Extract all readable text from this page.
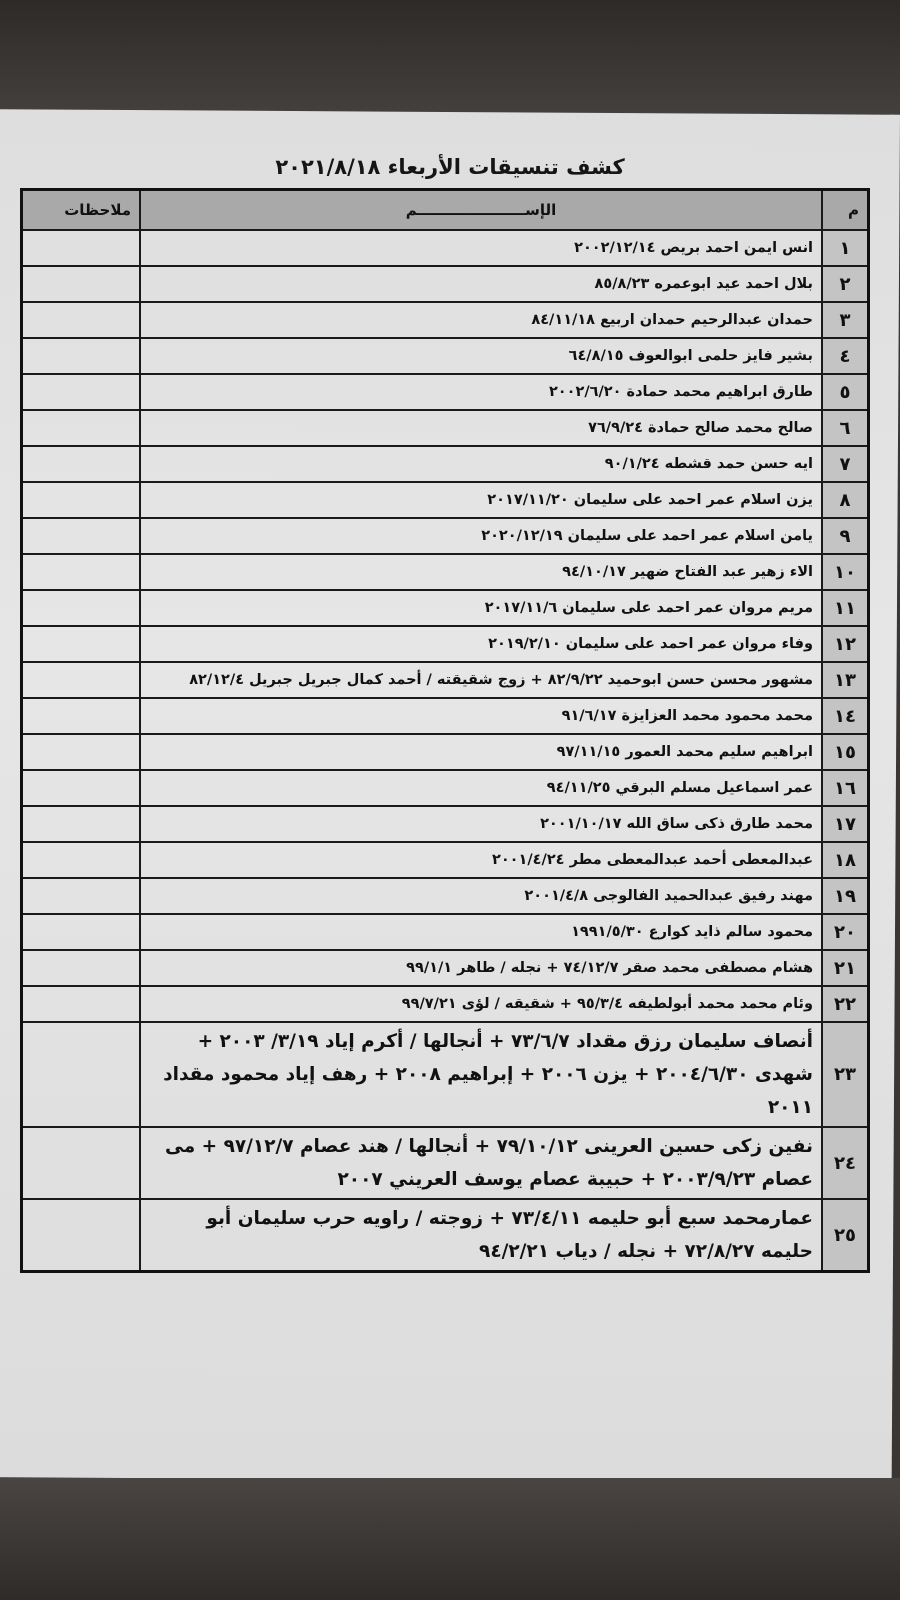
كشف تنسيقات الأربعاء ٢٠٢١/٨/١٨
م	الإســـــــــــــــــــــم	ملاحظات
١	انس ايمن احمد بريص ٢٠٠٢/١٢/١٤	
٢	بلال احمد عيد ابوعمره ٨٥/٨/٢٣	
٣	حمدان عبدالرحيم حمدان اربيع ٨٤/١١/١٨	
٤	بشير فايز حلمى ابوالعوف ٦٤/٨/١٥	
٥	طارق ابراهيم محمد حمادة ٢٠٠٢/٦/٢٠	
٦	صالح محمد صالح حمادة ٧٦/٩/٢٤	
٧	ايه حسن حمد قشطه ٩٠/١/٢٤	
٨	يزن اسلام عمر احمد على سليمان ٢٠١٧/١١/٢٠	
٩	يامن اسلام عمر احمد على سليمان ٢٠٢٠/١٢/١٩	
١٠	الاء زهير عبد الفتاح ضهير ٩٤/١٠/١٧	
١١	مريم مروان عمر احمد على سليمان ٢٠١٧/١١/٦	
١٢	وفاء مروان عمر احمد على سليمان ٢٠١٩/٢/١٠	
١٣	مشهور محسن حسن ابوحميد ٨٢/٩/٢٢ + زوج شقيقته / أحمد كمال جبريل جبريل ٨٢/١٢/٤	
١٤	محمد محمود محمد العزايزة ٩١/٦/١٧	
١٥	ابراهيم سليم محمد العمور ٩٧/١١/١٥	
١٦	عمر اسماعيل مسلم البرقي ٩٤/١١/٢٥	
١٧	محمد طارق ذكى ساق الله ٢٠٠١/١٠/١٧	
١٨	عبدالمعطى أحمد عبدالمعطى مطر ٢٠٠١/٤/٢٤	
١٩	مهند رفيق عبدالحميد الفالوجى ٢٠٠١/٤/٨	
٢٠	محمود سالم ذايد كوارع ١٩٩١/٥/٣٠	
٢١	هشام مصطفى محمد صقر ٧٤/١٢/٧ + نجله / طاهر ٩٩/١/١	
٢٢	وئام محمد محمد أبولطيفه ٩٥/٣/٤ + شقيقه / لؤى ٩٩/٧/٢١	
٢٣	أنصاف سليمان رزق مقداد ٧٣/٦/٧ + أنجالها / أكرم إياد ٣/١٩/ ٢٠٠٣ + شهدى ٢٠٠٤/٦/٣٠ + يزن ٢٠٠٦ + إبراهيم ٢٠٠٨ + رهف إياد محمود مقداد ٢٠١١	
٢٤	نفين زكى حسين العرينى ٧٩/١٠/١٢ + أنجالها / هند عصام ٩٧/١٢/٧ + مى عصام ٢٠٠٣/٩/٢٣ + حبيبة عصام يوسف العريني ٢٠٠٧	
٢٥	عمارمحمد سبع أبو حليمه ٧٣/٤/١١ + زوجته / راويه حرب سليمان أبو حليمه ٧٢/٨/٢٧ + نجله / دياب ٩٤/٢/٢١	
